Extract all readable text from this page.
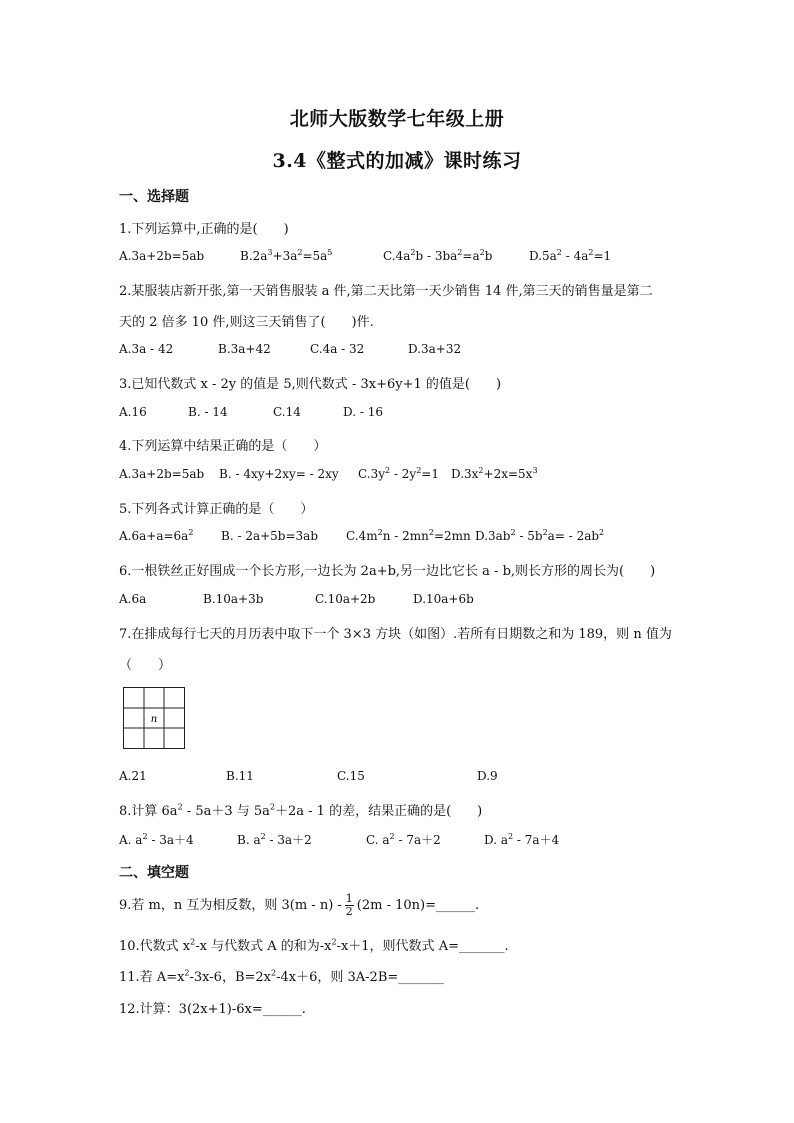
北师大版数学七年级上册
3.4《整式的加减》课时练习
一、选择题
1.下列运算中,正确的是(　　)
A.3a+2b=5ab	$B.2a^3+3a^2=5a^5$	$C.4a^2b - 3ba^2=a^2b$	$D.5a^2 - 4a^2=1$
2.某服装店新开张,第一天销售服装 a 件,第二天比第一天少销售 14 件,第三天的销售量是第二
天的 2 倍多 10 件,则这三天销售了(　　)件.
A.3a - 42	B.3a+42	C.4a - 32	D.3a+32
3.已知代数式 x - 2y 的值是 5,则代数式 - 3x+6y+1 的值是(　　)
A.16	B. - 14	C.14	D. - 16
4.下列运算中结果正确的是（　　）
A.3a+2b=5ab B. - 4xy+2xy= - 2xy $C.3y^2 - 2y^2=1$ $D.3x^2+2x=5x^3$
5.下列各式计算正确的是（　　）
$A.6a+a=6a^2$ B. - 2a+5b=3ab $C.4m^2n - 2mn^2=2mn$ $D.3ab^2 - 5b^2a= - 2ab^2$
6.一根铁丝正好围成一个长方形,一边长为 2a+b,另一边比它长 a - b,则长方形的周长为(　　)
A.6a	B.10a+3b	C.10a+2b	D.10a+6b
7.在排成每行七天的月历表中取下一个 3×3 方块（如图）.若所有日期数之和为 189，则 n 值为
（　　）
n
A.21	B.11	C.15	D.9
8.计算 $6a^2 - 5a+3$ 与 $5a^2+2a - 1$ 的差，结果正确的是(　　)
A. $a^2 - 3a+4$	B. $a^2 - 3a+2$	C. $a^2 - 7a+2$	D. $a^2 - 7a+4$
二、填空题
9.若 m，n 互为相反数，则 $3(m - n) - \frac{1}{2} (2m$ - 10n)=______.
10.代数式 $x^2-x$ 与代数式 A 的和为$-x^2-x+1$，则代数式 A=_______.
11.若 $A=x^2-3x-6$，$B=2x^2-4x+6$，则 3A-2B=_______
12.计算：3(2x+1)-6x=______.
